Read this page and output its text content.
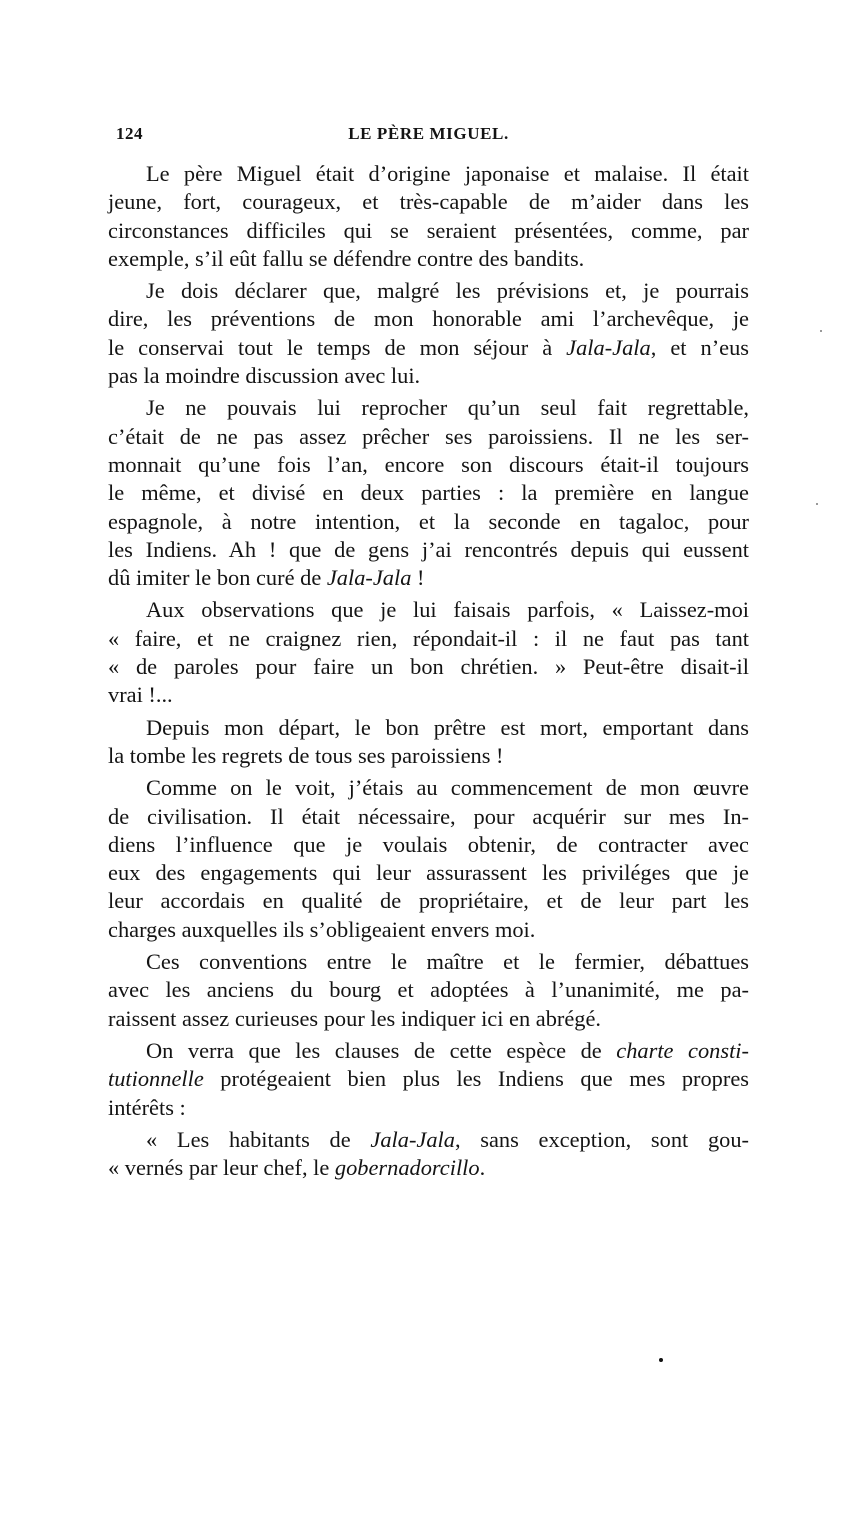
124	LE PÈRE MIGUEL.
Le père Miguel était d’origine japonaise et malaise. Il était
jeune, fort, courageux, et très-capable de m’aider dans les
circonstances difficiles qui se seraient présentées, comme, par
exemple, s’il eût fallu se défendre contre des bandits.
Je dois déclarer que, malgré les prévisions et, je pourrais
dire, les préventions de mon honorable ami l’archevêque, je
le conservai tout le temps de mon séjour à Jala-Jala, et n’eus
pas la moindre discussion avec lui.
Je ne pouvais lui reprocher qu’un seul fait regrettable,
c’était de ne pas assez prêcher ses paroissiens. Il ne les ser-
monnait qu’une fois l’an, encore son discours était-il toujours
le même, et divisé en deux parties : la première en langue
espagnole, à notre intention, et la seconde en tagaloc, pour
les Indiens. Ah ! que de gens j’ai rencontrés depuis qui eussent
dû imiter le bon curé de Jala-Jala !
Aux observations que je lui faisais parfois, « Laissez-moi
« faire, et ne craignez rien, répondait-il : il ne faut pas tant
« de paroles pour faire un bon chrétien. » Peut-être disait-il
vrai !...
Depuis mon départ, le bon prêtre est mort, emportant dans
la tombe les regrets de tous ses paroissiens !
Comme on le voit, j’étais au commencement de mon œuvre
de civilisation. Il était nécessaire, pour acquérir sur mes In-
diens l’influence que je voulais obtenir, de contracter avec
eux des engagements qui leur assurassent les priviléges que je
leur accordais en qualité de propriétaire, et de leur part les
charges auxquelles ils s’obligeaient envers moi.
Ces conventions entre le maître et le fermier, débattues
avec les anciens du bourg et adoptées à l’unanimité, me pa-
raissent assez curieuses pour les indiquer ici en abrégé.
On verra que les clauses de cette espèce de charte consti-
tutionnelle protégeaient bien plus les Indiens que mes propres
intérêts :
« Les habitants de Jala-Jala, sans exception, sont gou-
« vernés par leur chef, le gobernadorcillo.
